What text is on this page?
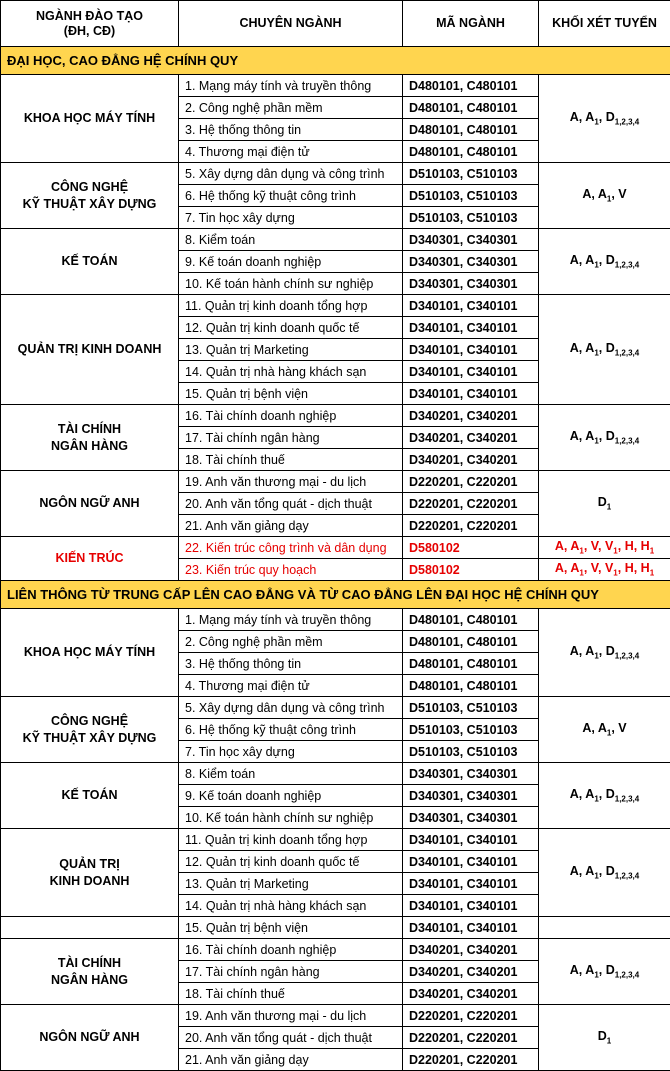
NGÀNH ĐÀO TẠO
(ĐH, CĐ)	CHUYÊN NGÀNH	MÃ NGÀNH	KHỐI XÉT TUYỂN
ĐẠI HỌC, CAO ĐẲNG HỆ CHÍNH QUY			

KHOA HỌC MÁY TÍNH	1. Mạng máy tính và truyền thông	D480101, C480101	A, $A_1$, $D_{1,2,3,4}$
	2. Công nghệ phần mềm	D480101, C480101	
	3. Hệ thống thông tin	D480101, C480101	
	4. Thương mại điện tử	D480101, C480101	

CÔNG NGHỆ
KỸ THUẬT XÂY DỰNG	5. Xây dựng dân dụng và công trình	D510103, C510103	A, $A_1$, V
	6. Hệ thống kỹ thuật công trình	D510103, C510103	
	7. Tin học xây dựng	D510103, C510103	

KẾ TOÁN	8. Kiểm toán	D340301, C340301	A, $A_1$, $D_{1,2,3,4}$
	9. Kế toán doanh nghiệp	D340301, C340301	
	10. Kế toán hành chính sư nghiệp	D340301, C340301	

QUẢN TRỊ KINH DOANH	11. Quản trị kinh doanh tổng hợp	D340101, C340101	A, $A_1$, $D_{1,2,3,4}$
	12. Quản trị kinh doanh quốc tế	D340101, C340101	
	13. Quản trị Marketing	D340101, C340101	
	14. Quản trị nhà hàng khách sạn	D340101, C340101	
	15. Quản trị bệnh viện	D340101, C340101	

TÀI CHÍNH
NGÂN HÀNG	16. Tài chính doanh nghiệp	D340201, C340201	A, $A_1$, $D_{1,2,3,4}$
	17. Tài chính ngân hàng	D340201, C340201	
	18. Tài chính thuế	D340201, C340201	

NGÔN NGỮ ANH	19. Anh văn thương mại - du lịch	D220201, C220201	$D_1$
	20. Anh văn tổng quát - dịch thuật	D220201, C220201	
	21. Anh văn giảng dạy	D220201, C220201	

KIẾN TRÚC	22. Kiến trúc công trình và dân dụng	D580102	A, $A_1$, V, $V_1$, H, $H_1$
	23. Kiến trúc quy hoạch	D580102	A, $A_1$, V, $V_1$, H, $H_1$
LIÊN THÔNG TỪ TRUNG CẤP LÊN CAO ĐẲNG VÀ TỪ CAO ĐẲNG LÊN ĐẠI HỌC HỆ CHÍNH QUY			

KHOA HỌC MÁY TÍNH	1. Mạng máy tính và truyền thông	D480101, C480101	A, $A_1$, $D_{1,2,3,4}$
	2. Công nghệ phần mềm	D480101, C480101	
	3. Hệ thống thông tin	D480101, C480101	
	4. Thương mại điện tử	D480101, C480101	

CÔNG NGHỆ
KỸ THUẬT XÂY DỰNG	5. Xây dựng dân dụng và công trình	D510103, C510103	A, $A_1$, V
	6. Hệ thống kỹ thuật công trình	D510103, C510103	
	7. Tin học xây dựng	D510103, C510103	

KẾ TOÁN	8. Kiểm toán	D340301, C340301	A, $A_1$, $D_{1,2,3,4}$
	9. Kế toán doanh nghiệp	D340301, C340301	
	10. Kế toán hành chính sư nghiệp	D340301, C340301	

QUẢN TRỊ
KINH DOANH	11. Quản trị kinh doanh tổng hợp	D340101, C340101	A, $A_1$, $D_{1,2,3,4}$
	12. Quản trị kinh doanh quốc tế	D340101, C340101	
	13. Quản trị Marketing	D340101, C340101	
	14. Quản trị nhà hàng khách sạn	D340101, C340101	

	15. Quản trị bệnh viện	D340101, C340101	

TÀI CHÍNH
NGÂN HÀNG	16. Tài chính doanh nghiệp	D340201, C340201	A, $A_1$, $D_{1,2,3,4}$
	17. Tài chính ngân hàng	D340201, C340201	
	18. Tài chính thuế	D340201, C340201	

NGÔN NGỮ ANH	19. Anh văn thương mại - du lịch	D220201, C220201	$D_1$
	20. Anh văn tổng quát - dịch thuật	D220201, C220201	
	21. Anh văn giảng dạy	D220201, C220201	
